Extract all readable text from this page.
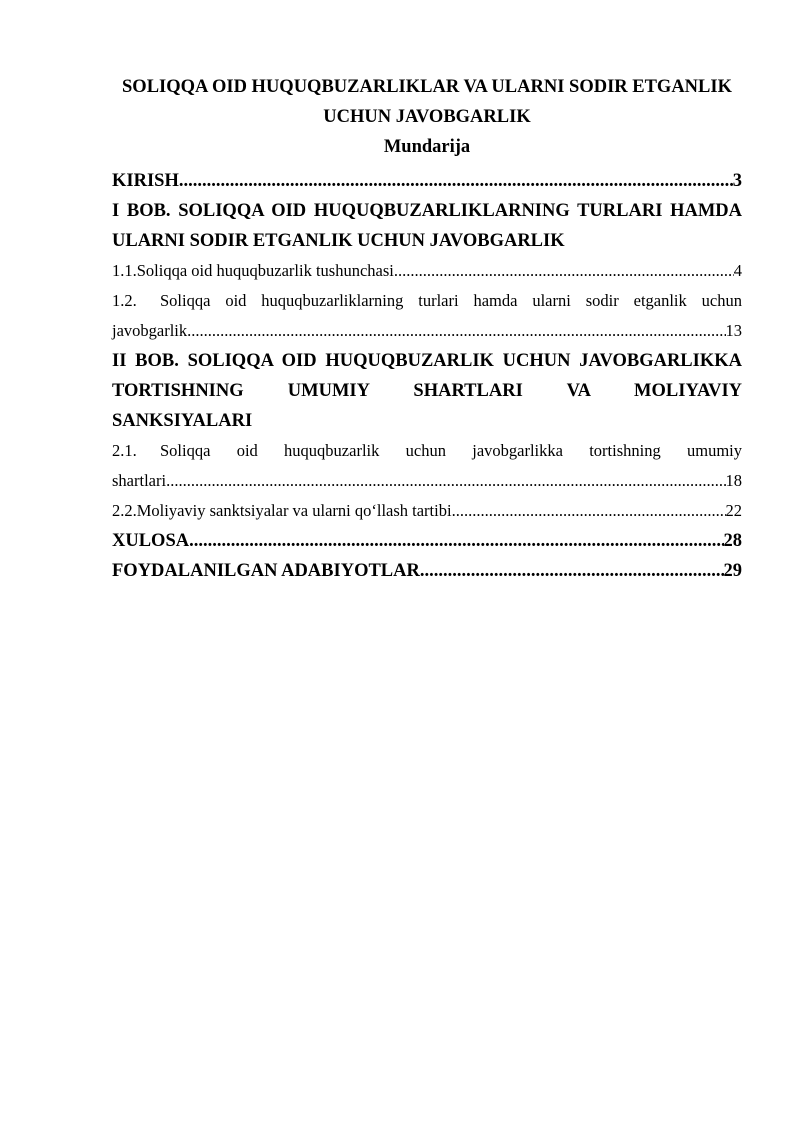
SOLIQQA OID HUQUQBUZARLIKLAR VA ULARNI SODIR ETGANLIK

UCHUN JAVOBGARLIK

Mundarija

KIRISH .....	3

I BOB. SOLIQQA OID HUQUQBUZARLIKLARNING TURLARI HAMDA

ULARNI SODIR ETGANLIK UCHUN JAVOBGARLIK

1.1. Soliqqa oid huquqbuzarlik tushunchasi .....	4
1.2.	Soliqqa oid huquqbuzarliklarning turlari hamda ularni sodir etganlik uchun
javobgarlik .....	13

II BOB. SOLIQQA OID HUQUQBUZARLIK UCHUN JAVOBGARLIKKA

TORTISHNING UMUMIY SHARTLARI VA MOLIYAVIY

SANKSIYALARI

2.1.	Soliqqa oid huquqbuzarlik uchun javobgarlikka tortishning umumiy
shartlari .....	18
2.2. Moliyaviy sanktsiyalar va ularni qo‘llash tartibi .....	22
XULOSA .....	28
FOYDALANILGAN ADABIYOTLAR .....	29
